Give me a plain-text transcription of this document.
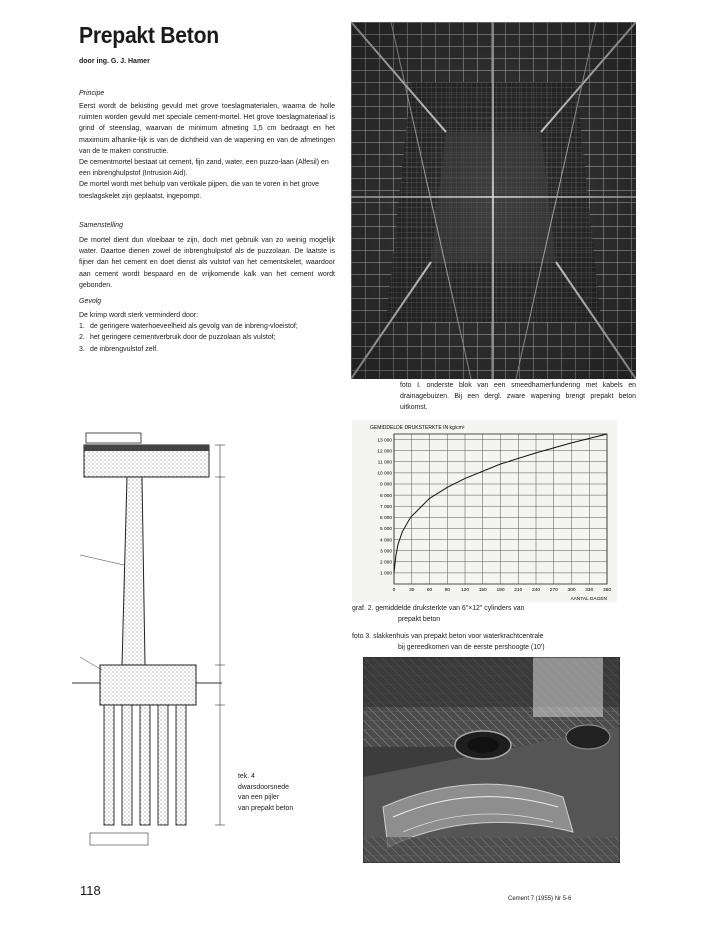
Prepakt Beton
door ing. G. J. Hamer
Principe

Eerst wordt de bekisting gevuld met grove toeslagmaterialen, waarna de holle ruimten worden gevuld met speciale cement-mortel. Het grove toeslagmateriaal is grind of steenslag, waarvan de minimum afmeting 1,5 cm bedraagt en het maximum afhanke-lijk is van de dichtheid van de wapening en van de afmetingen van de te maken constructie.

De cementmortel bestaat uit cement, fijn zand, water, een puzzo-laan (Alfesil) en een inbrenghulpstof (Intrusion Aid).

De mortel wordt met behulp van vertikale pijpen, die van te voren in het grove toeslagskelet zijn geplaatst, ingepompt.

Samenstelling

De mortel dient dun vloeibaar te zijn, doch met gebruik van zo weinig mogelijk water. Daartoe dienen zowel de inbrenghulpstof als de puzzolaan. De laatste is fijner dan het cement en doet dienst als vulstof van het cementskelet, waardoor aan cement wordt bespaard en de vrijkomende kalk van het cement wordt gebonden.

Gevolg

De krimp wordt sterk verminderd door:

1. de geringere waterhoeveelheid als gevolg van de inbreng-vloeistof;
2. het geringere cementverbruik door de puzzolaan als vulstof;
3. de inbrengvulstof zelf.
foto I. onderste blok van een smeedhamerfundering met kabels en drainagebuizen. Bij een dergl. zware wapening brengt prepakt beton uitkomst.
GEMIDDELDE DRUKSTERKTE IN kg/cm²
AANTAL DAGEN
1 000
2 000
3 000
4 000
5 000
6 000
7 000
8 000
9 000
10 000
11 000
12 000
13 000
0	30	60	90 120 150 180 210 240 270 300 330 360
graf. 2. gemiddelde druksterkte van 6"×12" cylinders van
prepakt beton
foto 3. slakkenhuis van prepakt beton voor waterkrachtcentrale
bij gereedkomen van de eerste pershoogte (10')
tek. 4
dwarsdoorsnede
van een pijler
van prepakt beton
118
Cement 7 (1955) Nr 5-6
